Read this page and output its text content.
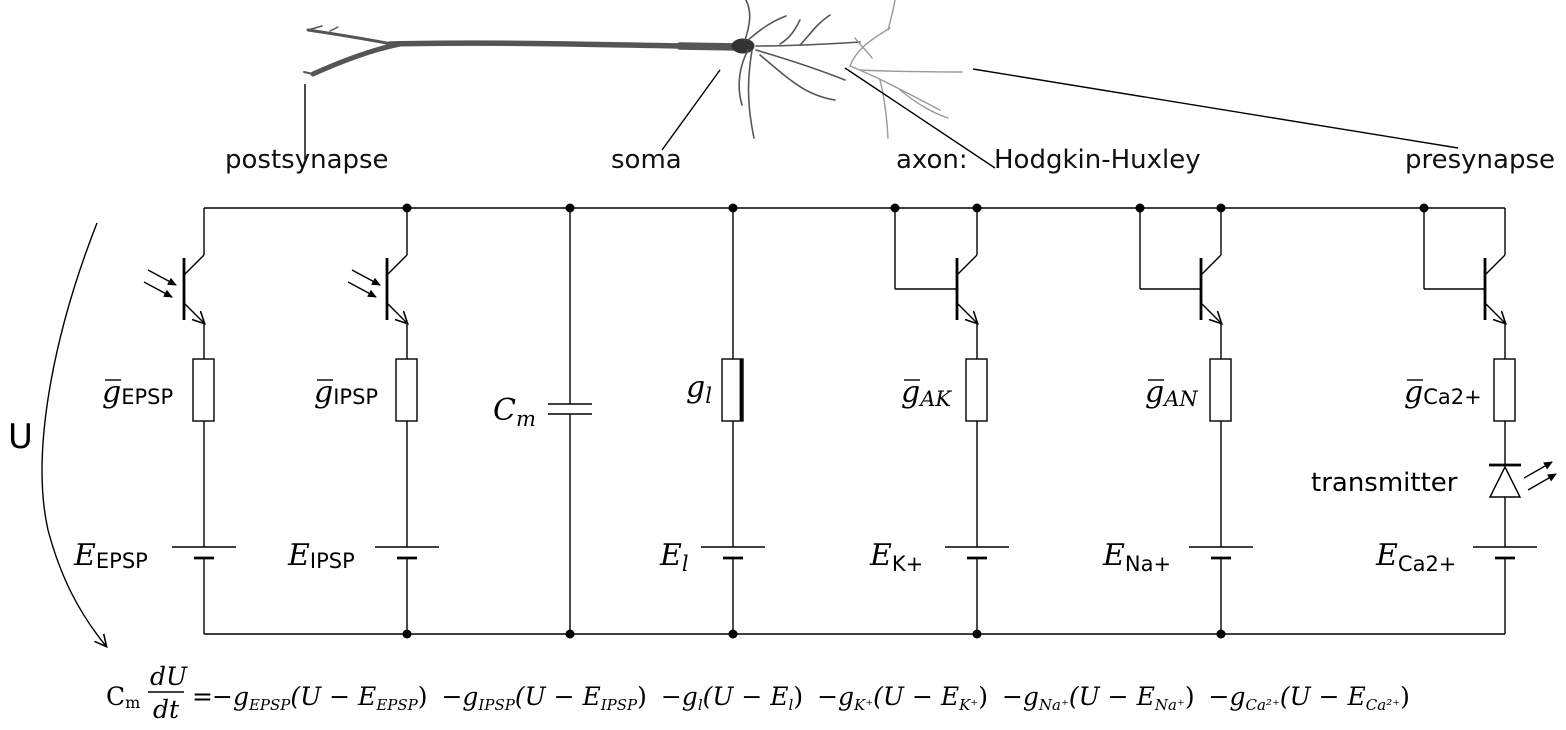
postsynapse	soma	axon: Hodgkin-Huxley	presynapse
U
gEPSP	gIPSP	$g_l$	gAK	gAN	gCa2+
$C_m$
transmitter
EEPSP	EIPSP	$E_l$	$E_{K+}$	$E_{Na+}$	$E_{Ca2+}$
Cm
dU
dt = $-g_{EPSP}(U - E_{EPSP}) -g_{IPSP}(U - E_{IPSP}) -g_l(U - E_l) -g_{K^+}(U - E_{K^+}) -g_{Na^+}(U - E_{Na^+}) -g_{Ca^{2+}}(U - E_{Ca^{2+}})$
